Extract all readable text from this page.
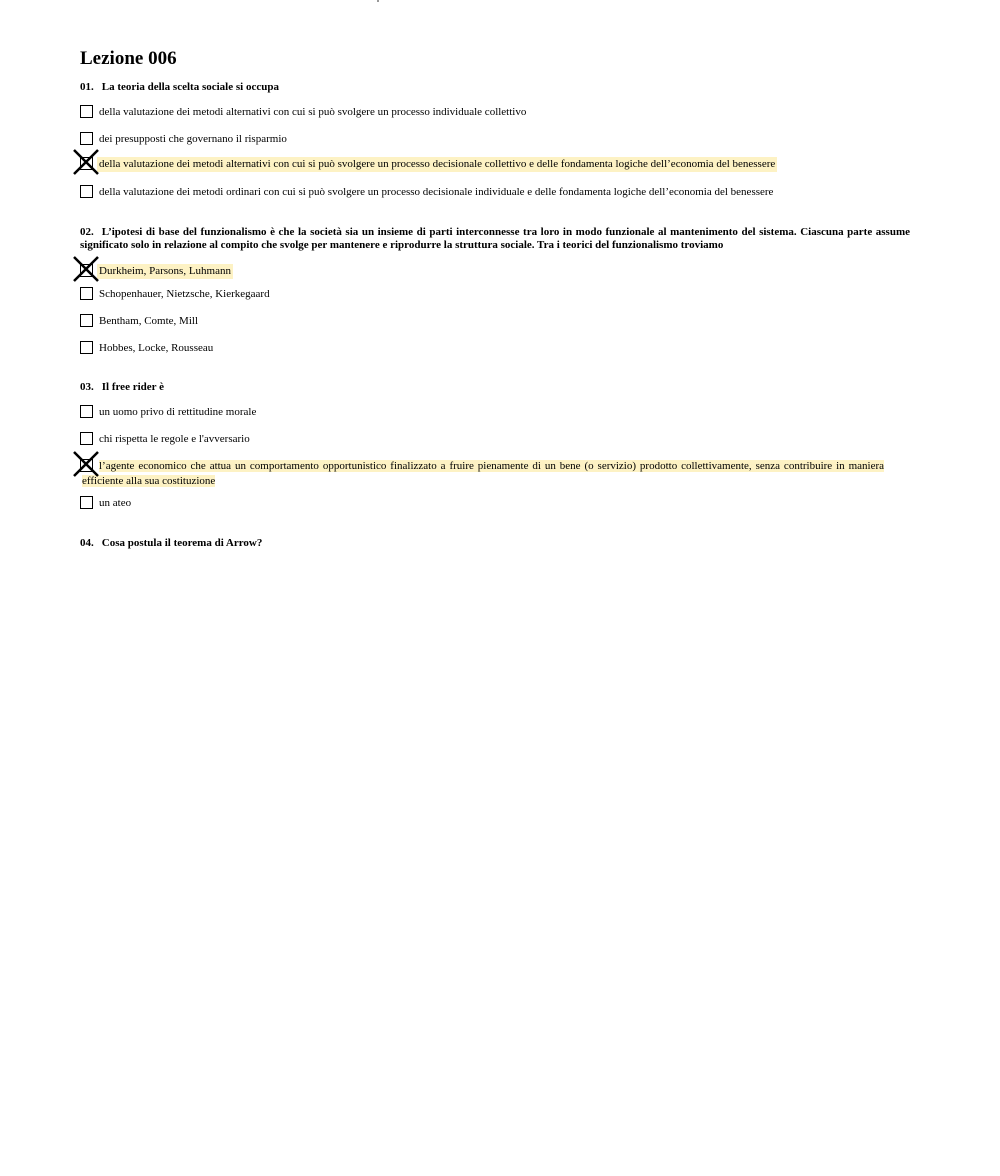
Lezione 006
01. La teoria della scelta sociale si occupa
della valutazione dei metodi alternativi con cui si può svolgere un processo individuale collettivo
dei presupposti che governano il risparmio
della valutazione dei metodi alternativi con cui si può svolgere un processo decisionale collettivo e delle fondamenta logiche dell’economia del benessere
della valutazione dei metodi ordinari con cui si può svolgere un processo decisionale individuale e delle fondamenta logiche dell’economia del benessere
02. L’ipotesi di base del funzionalismo è che la società sia un insieme di parti interconnesse tra loro in modo funzionale al mantenimento del sistema. Ciascuna parte assume significato solo in relazione al compito che svolge per mantenere e riprodurre la struttura sociale. Tra i teorici del funzionalismo troviamo
Durkheim, Parsons, Luhmann
Schopenhauer, Nietzsche, Kierkegaard
Bentham, Comte, Mill
Hobbes, Locke, Rousseau
03. Il free rider è
un uomo privo di rettitudine morale
chi rispetta le regole e l'avversario
l’agente economico che attua un comportamento opportunistico finalizzato a fruire pienamente di un bene (o servizio) prodotto collettivamente, senza contribuire in maniera efficiente alla sua costituzione
un ateo
04. Cosa postula il teorema di Arrow?
